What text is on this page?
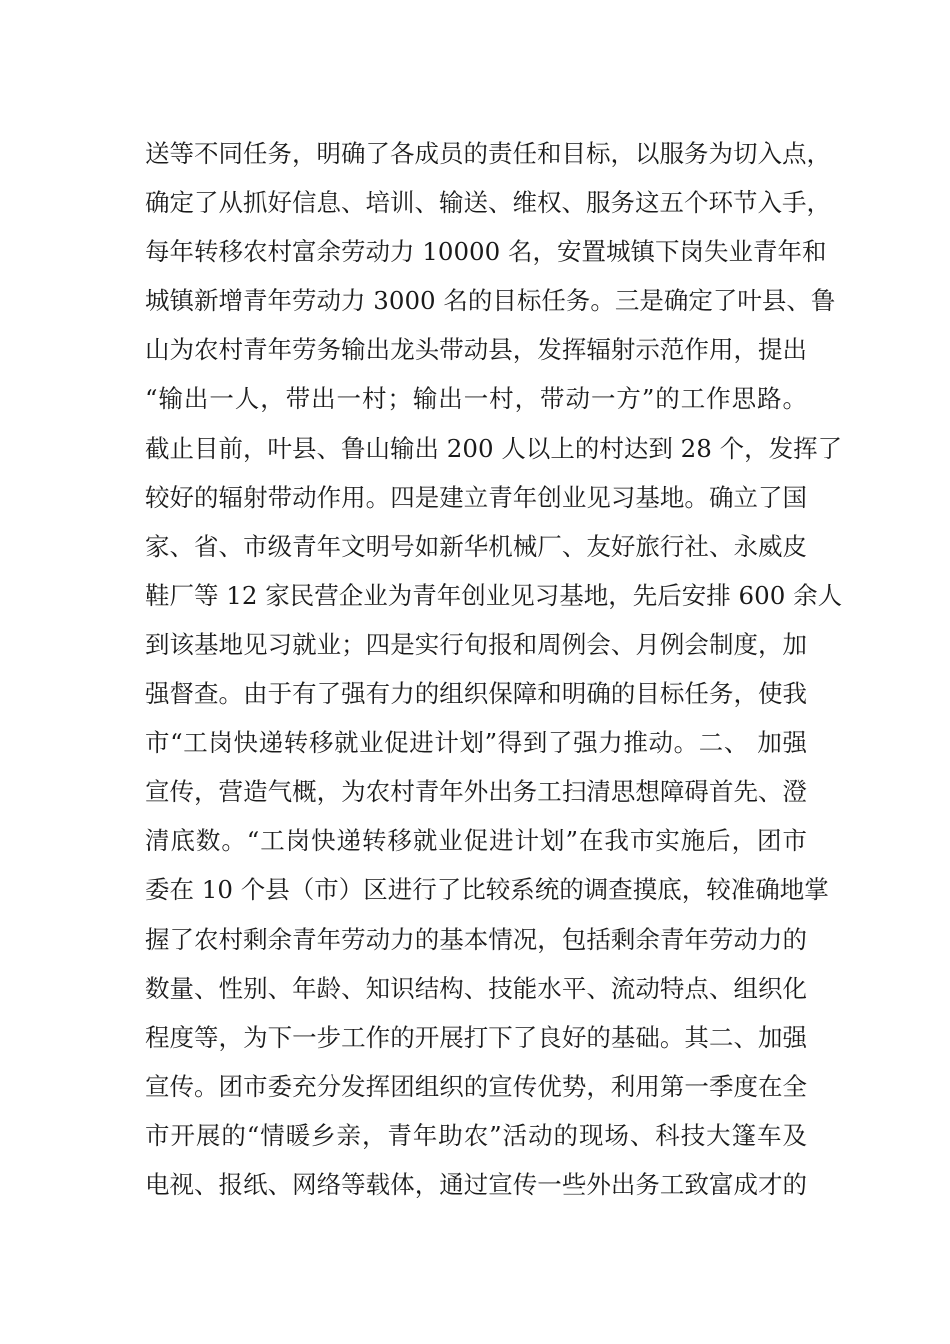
送等不同任务，明确了各成员的责任和目标，以服务为切入点，
确定了从抓好信息、培训、输送、维权、服务这五个环节入手，
每年转移农村富余劳动力 10000 名，安置城镇下岗失业青年和
城镇新增青年劳动力 3000 名的目标任务。三是确定了叶县、鲁
山为农村青年劳务输出龙头带动县，发挥辐射示范作用，提出
“输出一人，带出一村；输出一村，带动一方”的工作思路。
截止目前，叶县、鲁山输出 200 人以上的村达到 28 个，发挥了
较好的辐射带动作用。四是建立青年创业见习基地。确立了国
家、省、市级青年文明号如新华机械厂、友好旅行社、永威皮
鞋厂等 12 家民营企业为青年创业见习基地，先后安排 600 余人
到该基地见习就业；四是实行旬报和周例会、月例会制度，加
强督查。由于有了强有力的组织保障和明确的目标任务，使我
市“工岗快递转移就业促进计划”得到了强力推动。二、 加强
宣传，营造气概，为农村青年外出务工扫清思想障碍首先、澄
清底数。“工岗快递转移就业促进计划”在我市实施后，团市
委在 10 个县（市）区进行了比较系统的调查摸底，较准确地掌
握了农村剩余青年劳动力的基本情况，包括剩余青年劳动力的
数量、性别、年龄、知识结构、技能水平、流动特点、组织化
程度等，为下一步工作的开展打下了良好的基础。其二、加强
宣传。团市委充分发挥团组织的宣传优势，利用第一季度在全
市开展的“情暖乡亲，青年助农”活动的现场、科技大篷车及
电视、报纸、网络等载体，通过宣传一些外出务工致富成才的
